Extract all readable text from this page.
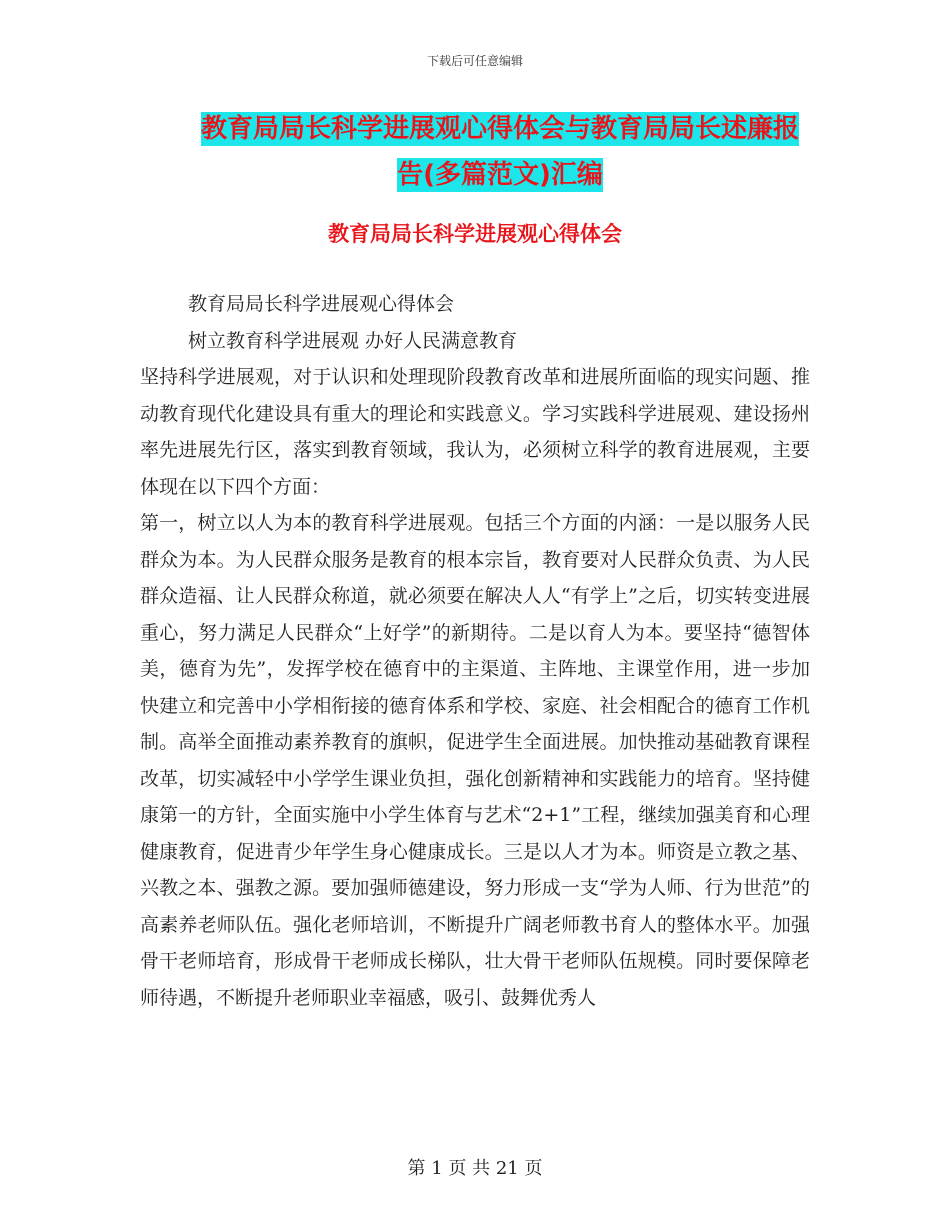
下载后可任意编辑
教育局局长科学进展观心得体会与教育局局长述廉报
告(多篇范文)汇编
教育局局长科学进展观心得体会

教育局局长科学进展观心得体会

树立教育科学进展观 办好人民满意教育

坚持科学进展观，对于认识和处理现阶段教育改革和进展所面临的现实问题、推动教育现代化建设具有重大的理论和实践意义。学习实践科学进展观、建设扬州率先进展先行区，落实到教育领域，我认为，必须树立科学的教育进展观，主要体现在以下四个方面：

第一，树立以人为本的教育科学进展观。包括三个方面的内涵：一是以服务人民群众为本。为人民群众服务是教育的根本宗旨，教育要对人民群众负责、为人民群众造福、让人民群众称道，就必须要在解决人人“有学上”之后，切实转变进展重心，努力满足人民群众“上好学”的新期待。二是以育人为本。要坚持“德智体美，德育为先”，发挥学校在德育中的主渠道、主阵地、主课堂作用，进一步加快建立和完善中小学相衔接的德育体系和学校、家庭、社会相配合的德育工作机制。高举全面推动素养教育的旗帜，促进学生全面进展。加快推动基础教育课程改革，切实减轻中小学学生课业负担，强化创新精神和实践能力的培育。坚持健康第一的方针，全面实施中小学生体育与艺术“2+1”工程，继续加强美育和心理健康教育，促进青少年学生身心健康成长。三是以人才为本。师资是立教之基、兴教之本、强教之源。要加强师德建设，努力形成一支“学为人师、行为世范”的高素养老师队伍。强化老师培训，不断提升广阔老师教书育人的整体水平。加强骨干老师培育，形成骨干老师成长梯队，壮大骨干老师队伍规模。同时要保障老师待遇，不断提升老师职业幸福感，吸引、鼓舞优秀人

第 1 页 共 21 页
